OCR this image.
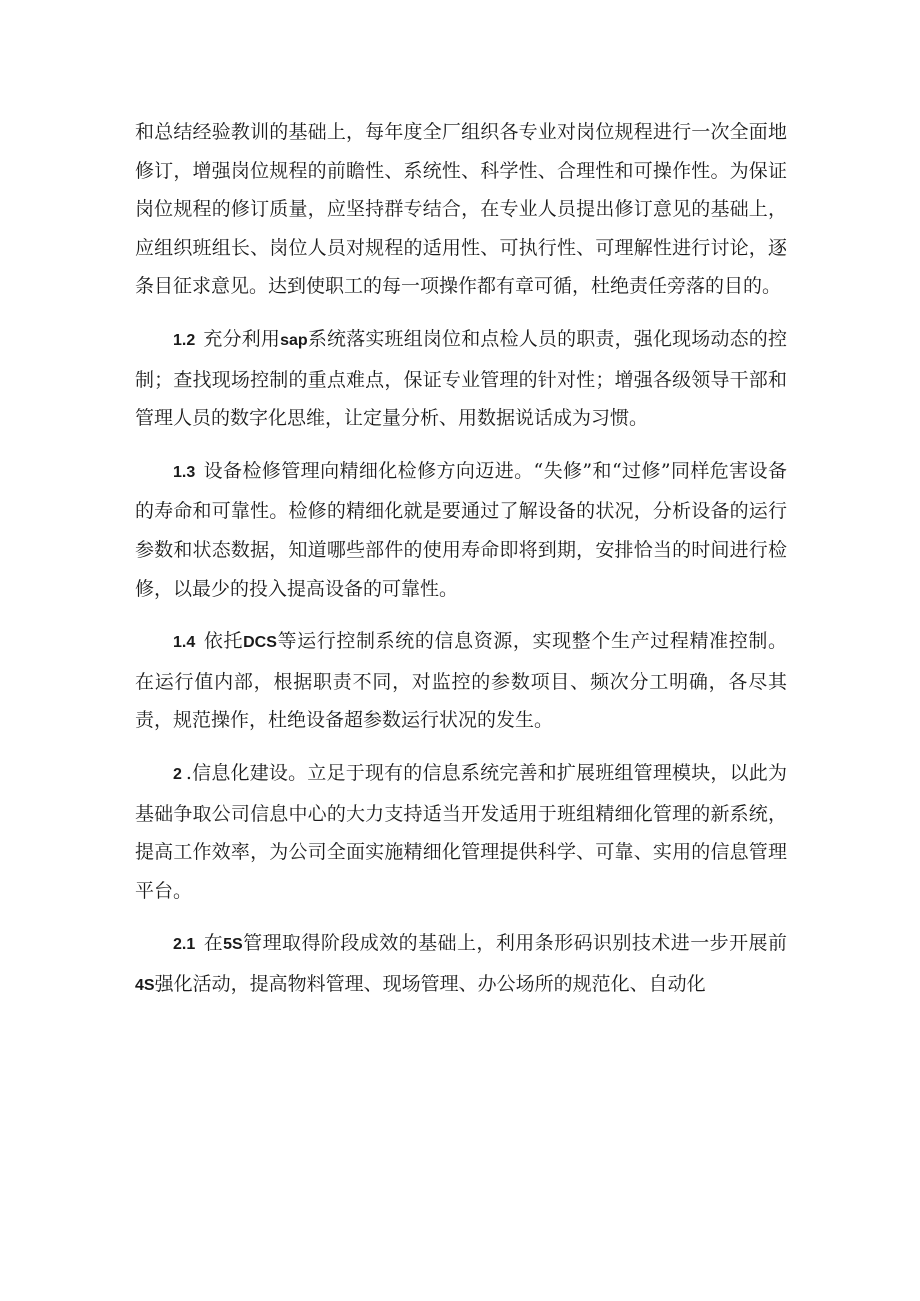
和总结经验教训的基础上，每年度全厂组织各专业对岗位规程进行一次全面地修订，增强岗位规程的前瞻性、系统性、科学性、合理性和可操作性。为保证岗位规程的修订质量，应坚持群专结合，在专业人员提出修订意见的基础上，应组织班组长、岗位人员对规程的适用性、可执行性、可理解性进行讨论，逐条目征求意见。达到使职工的每一项操作都有章可循，杜绝责任旁落的目的。

1.2 充分利用sap系统落实班组岗位和点检人员的职责，强化现场动态的控制；查找现场控制的重点难点，保证专业管理的针对性；增强各级领导干部和管理人员的数字化思维，让定量分析、用数据说话成为习惯。

1.3 设备检修管理向精细化检修方向迈进。“失修”和“过修”同样危害设备的寿命和可靠性。检修的精细化就是要通过了解设备的状况，分析设备的运行参数和状态数据，知道哪些部件的使用寿命即将到期，安排恰当的时间进行检修，以最少的投入提高设备的可靠性。

1.4 依托DCS等运行控制系统的信息资源，实现整个生产过程精准控制。在运行值内部，根据职责不同，对监控的参数项目、频次分工明确，各尽其责，规范操作，杜绝设备超参数运行状况的发生。

2 .信息化建设。立足于现有的信息系统完善和扩展班组管理模块，以此为基础争取公司信息中心的大力支持适当开发适用于班组精细化管理的新系统，提高工作效率，为公司全面实施精细化管理提供科学、可靠、实用的信息管理平台。

2.1 在5S管理取得阶段成效的基础上，利用条形码识别技术进一步开展前4S强化活动，提高物料管理、现场管理、办公场所的规范化、自动化
